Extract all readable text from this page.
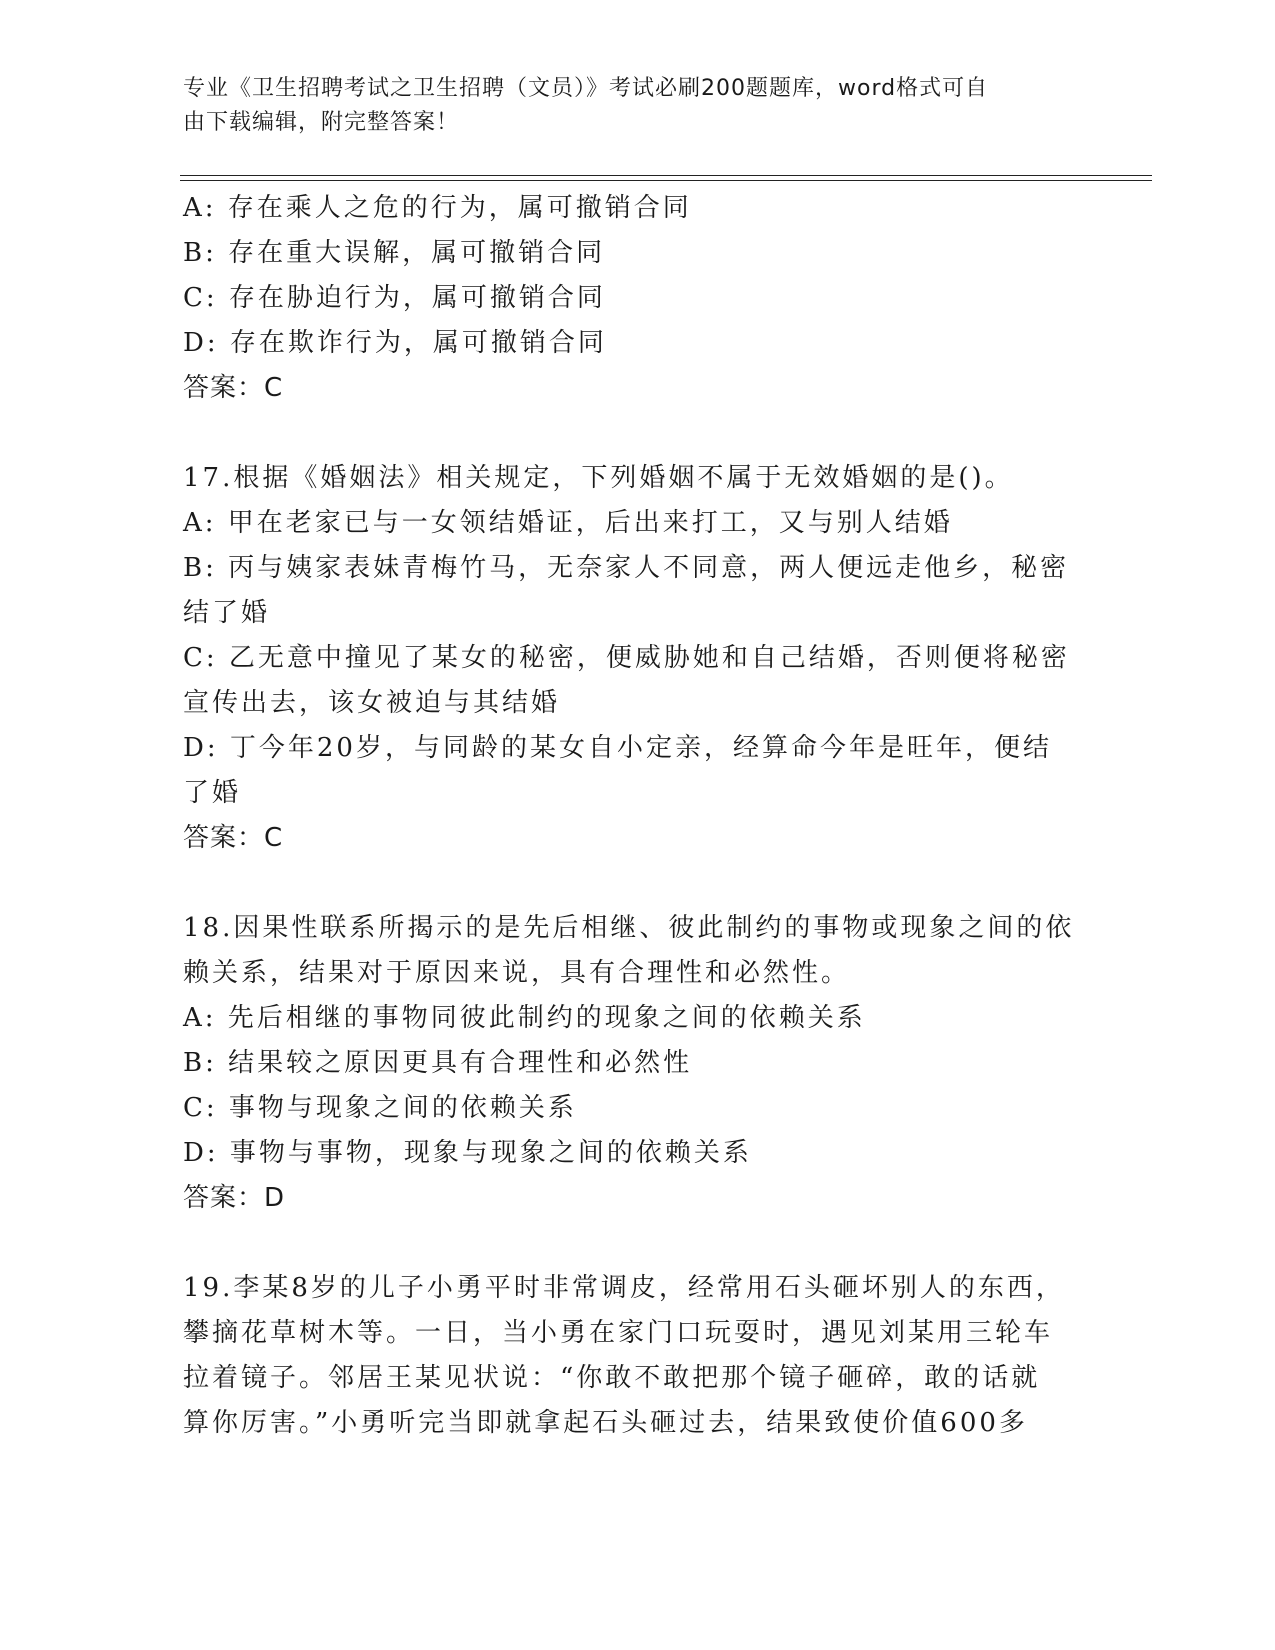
专业《卫生招聘考试之卫生招聘（文员）》考试必刷200题题库，word格式可自
由下载编辑，附完整答案！
A: 存在乘人之危的行为，属可撤销合同
B: 存在重大误解，属可撤销合同
C: 存在胁迫行为，属可撤销合同
D: 存在欺诈行为，属可撤销合同
答案：C
17.根据《婚姻法》相关规定，下列婚姻不属于无效婚姻的是()。
A: 甲在老家已与一女领结婚证，后出来打工，又与别人结婚
B: 丙与姨家表妹青梅竹马，无奈家人不同意，两人便远走他乡，秘密
结了婚
C: 乙无意中撞见了某女的秘密，便威胁她和自己结婚，否则便将秘密
宣传出去，该女被迫与其结婚
D: 丁今年20岁，与同龄的某女自小定亲，经算命今年是旺年，便结
了婚
答案：C
18.因果性联系所揭示的是先后相继、彼此制约的事物或现象之间的依
赖关系，结果对于原因来说，具有合理性和必然性。
A: 先后相继的事物同彼此制约的现象之间的依赖关系
B: 结果较之原因更具有合理性和必然性
C: 事物与现象之间的依赖关系
D: 事物与事物，现象与现象之间的依赖关系
答案：D
19.李某8岁的儿子小勇平时非常调皮，经常用石头砸坏别人的东西，
攀摘花草树木等。一日，当小勇在家门口玩耍时，遇见刘某用三轮车
拉着镜子。邻居王某见状说：“你敢不敢把那个镜子砸碎，敢的话就
算你厉害。”小勇听完当即就拿起石头砸过去，结果致使价值600多
